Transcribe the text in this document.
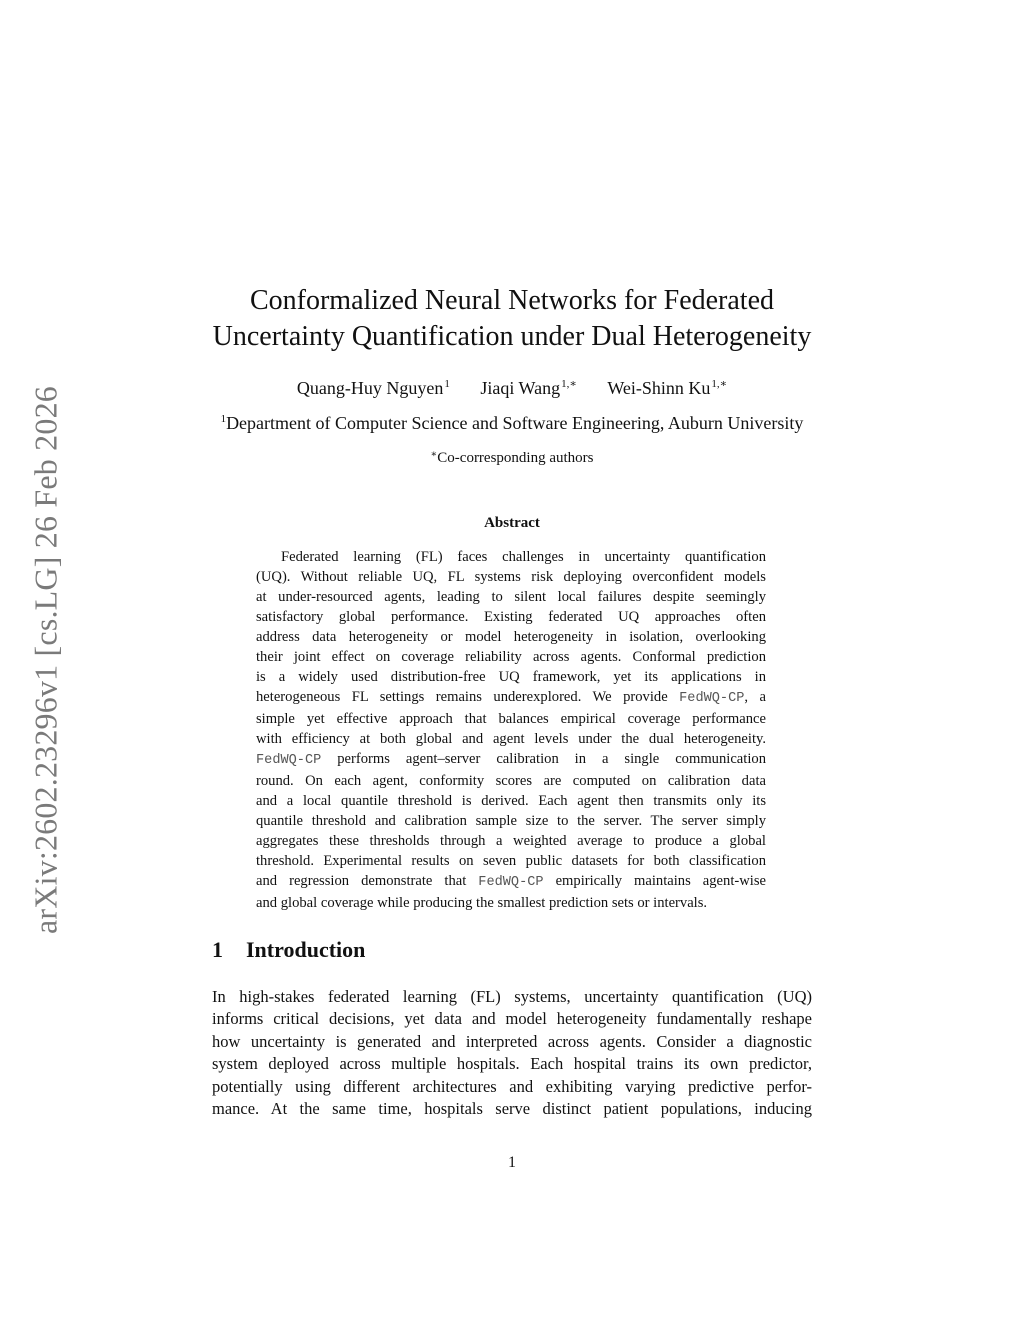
arXiv:2602.23296v1 [cs.LG] 26 Feb 2026
Conformalized Neural Networks for Federated
Uncertainty Quantification under Dual Heterogeneity
Quang-Huy Nguyen$^1$ Jiaqi Wang$^{1,∗}$ Wei-Shinn $Ku^{1,∗}$
$^1$Department of Computer Science and Software Engineering, Auburn University
∗Co-corresponding authors
Abstract
Federated learning (FL) faces challenges in uncertainty quantification
(UQ). Without reliable UQ, FL systems risk deploying overconfident models
at under-resourced agents, leading to silent local failures despite seemingly
satisfactory global performance. Existing federated UQ approaches often
address data heterogeneity or model heterogeneity in isolation, overlooking
their joint effect on coverage reliability across agents. Conformal prediction
is a widely used distribution-free UQ framework, yet its applications in
heterogeneous FL settings remains underexplored. We provide FedWQ-CP, a
simple yet effective approach that balances empirical coverage performance
with efficiency at both global and agent levels under the dual heterogeneity.
FedWQ-CP performs agent–server calibration in a single communication
round. On each agent, conformity scores are computed on calibration data
and a local quantile threshold is derived. Each agent then transmits only its
quantile threshold and calibration sample size to the server. The server simply
aggregates these thresholds through a weighted average to produce a global
threshold. Experimental results on seven public datasets for both classification
and regression demonstrate that FedWQ-CP empirically maintains agent-wise
and global coverage while producing the smallest prediction sets or intervals.
1 Introduction
In high-stakes federated learning (FL) systems, uncertainty quantification (UQ)
informs critical decisions, yet data and model heterogeneity fundamentally reshape
how uncertainty is generated and interpreted across agents. Consider a diagnostic
system deployed across multiple hospitals. Each hospital trains its own predictor,
potentially using different architectures and exhibiting varying predictive perfor-
mance. At the same time, hospitals serve distinct patient populations, inducing
1
